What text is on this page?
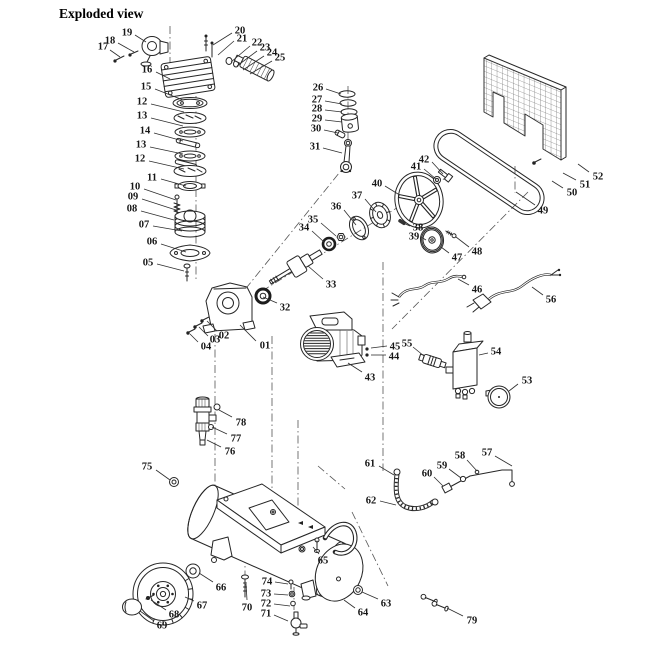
Exploded view
01
02
03
04
05
06
07
08
09
10
11
12
13
14
13
12
15
16
17
18
19	20
21 22
23
24
25
26
27
28
29
30
31
32
33
34
35
36
37
38
39
40
41
42
43
44
45
46
47
48
49
50
51
52
53
54
55
56
57
58
59
60
61
62
63
64
65
66
67
68
69
70
71
72
73
74
75
76
77
78
79
